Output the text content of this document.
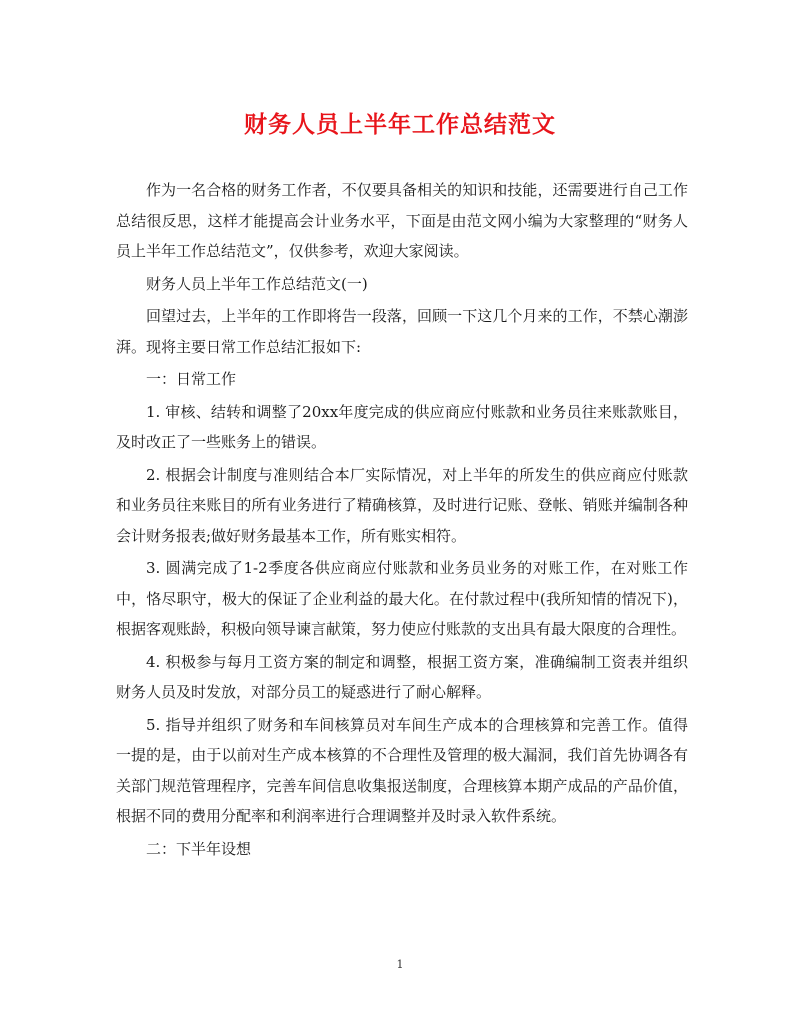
财务人员上半年工作总结范文

作为一名合格的财务工作者，不仅要具备相关的知识和技能，还需要进行自己工作总结很反思，这样才能提高会计业务水平，下面是由范文网小编为大家整理的“财务人员上半年工作总结范文”，仅供参考，欢迎大家阅读。

财务人员上半年工作总结范文(一)

回望过去，上半年的工作即将告一段落，回顾一下这几个月来的工作，不禁心潮澎湃。现将主要日常工作总结汇报如下:

一：日常工作

1. 审核、结转和调整了20xx年度完成的供应商应付账款和业务员往来账款账目，及时改正了一些账务上的错误。

2. 根据会计制度与准则结合本厂实际情况，对上半年的所发生的供应商应付账款和业务员往来账目的所有业务进行了精确核算，及时进行记账、登帐、销账并编制各种会计财务报表;做好财务最基本工作，所有账实相符。

3. 圆满完成了1-2季度各供应商应付账款和业务员业务的对账工作，在对账工作中，恪尽职守，极大的保证了企业利益的最大化。在付款过程中(我所知情的情况下)，根据客观账龄，积极向领导谏言献策，努力使应付账款的支出具有最大限度的合理性。

4. 积极参与每月工资方案的制定和调整，根据工资方案，准确编制工资表并组织财务人员及时发放，对部分员工的疑惑进行了耐心解释。

5. 指导并组织了财务和车间核算员对车间生产成本的合理核算和完善工作。值得一提的是，由于以前对生产成本核算的不合理性及管理的极大漏洞，我们首先协调各有关部门规范管理程序，完善车间信息收集报送制度，合理核算本期产成品的产品价值，根据不同的费用分配率和利润率进行合理调整并及时录入软件系统。

二：下半年设想

1
